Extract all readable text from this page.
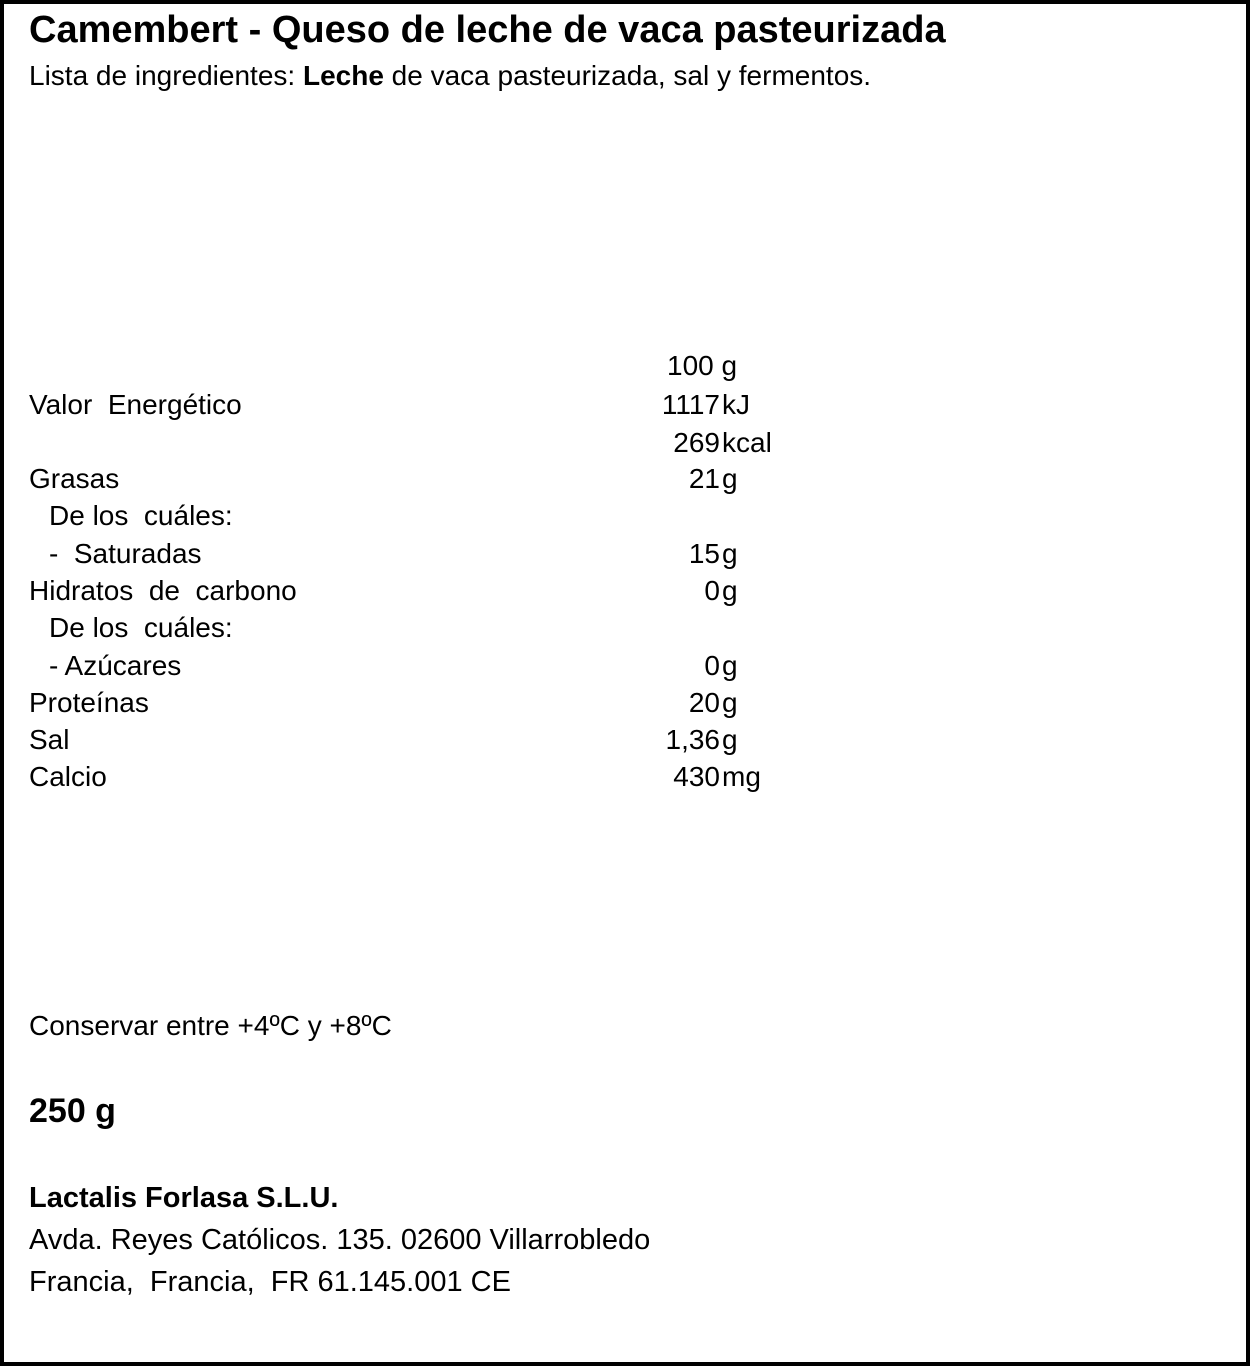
Camembert - Queso de leche de vaca pasteurizada
Lista de ingredientes: Leche de vaca pasteurizada, sal y fermentos.
100 g
Valor  Energético	1117 kJ
269 kcal
Grasas	21 g
De los  cuáles:
-  Saturadas	15 g
Hidratos  de  carbono	0 g
De los  cuáles:
- Azúcares	0 g
Proteínas	20 g
Sal	1,36 g
Calcio	430 mg
Conservar entre +4ºC y +8ºC
250 g
Lactalis Forlasa S.L.U.
Avda. Reyes Católicos. 135. 02600 Villarrobledo
Francia,  Francia,  FR 61.145.001 CE
